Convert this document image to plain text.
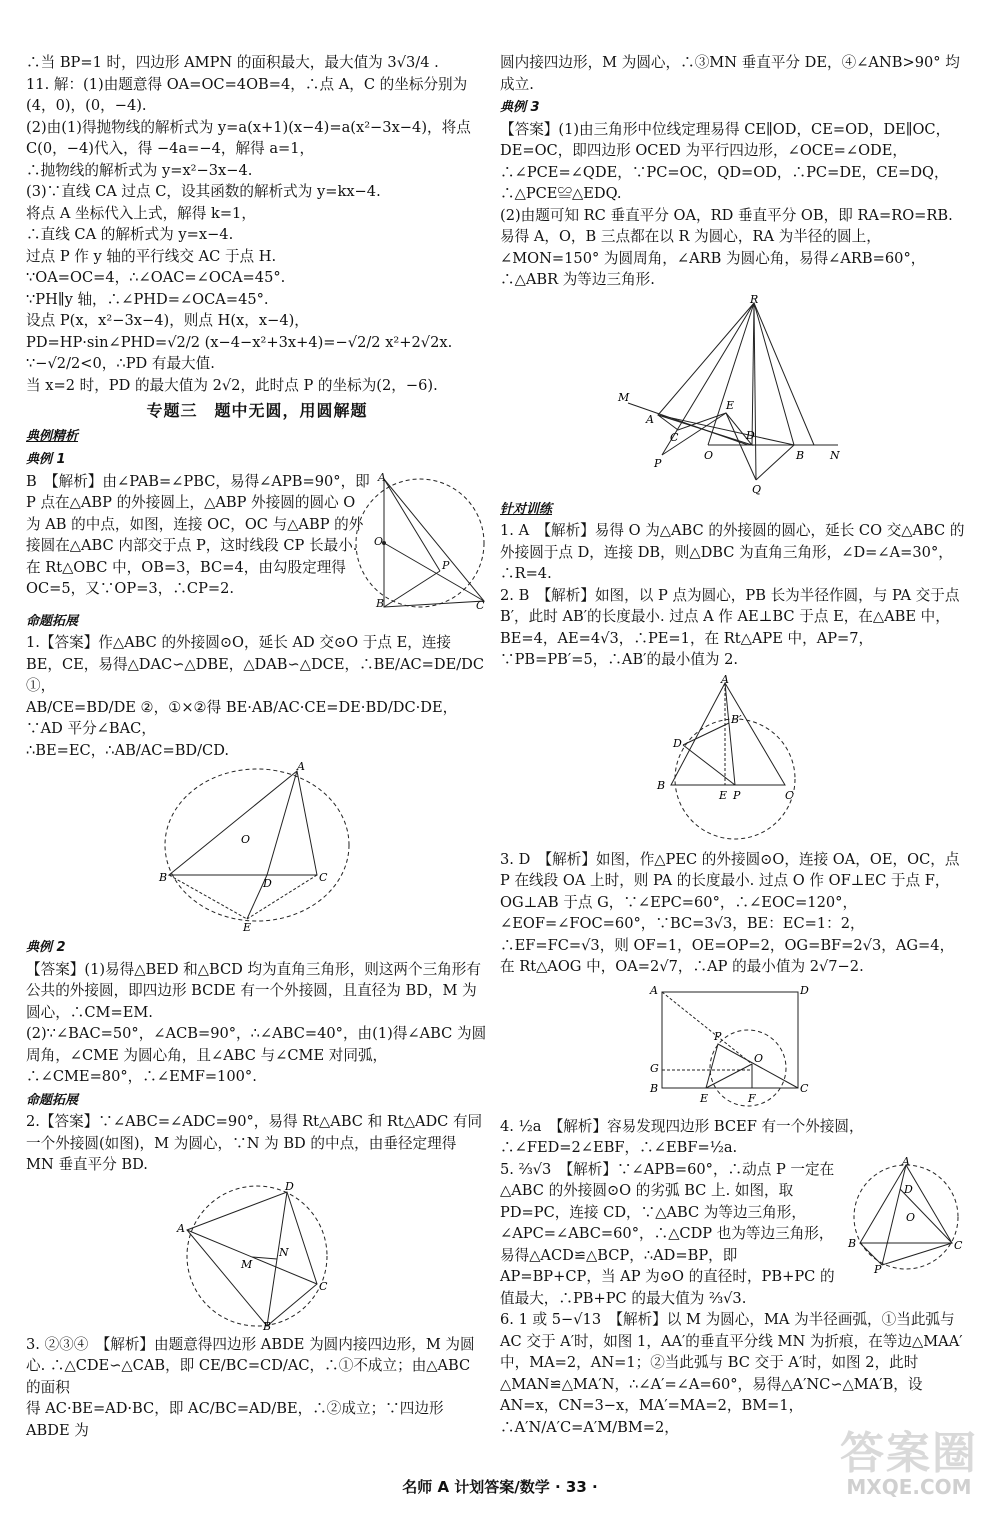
∴当 BP=1 时，四边形 AMPN 的面积最大，最大值为 3√3/4 .

11. 解：(1)由题意得 OA=OC=4OB=4，∴点 A，C 的坐标分别为(4，0)，(0，−4).

(2)由(1)得抛物线的解析式为 y=a(x+1)(x−4)=a(x²−3x−4)，将点 C(0，−4)代入，得 −4a=−4，解得 a=1，

∴抛物线的解析式为 y=x²−3x−4.

(3)∵直线 CA 过点 C，设其函数的解析式为 y=kx−4.

将点 A 坐标代入上式，解得 k=1，

∴直线 CA 的解析式为 y=x−4.

过点 P 作 y 轴的平行线交 AC 于点 H.

∵OA=OC=4，∴∠OAC=∠OCA=45°.

∵PH∥y 轴，∴∠PHD=∠OCA=45°.

设点 P(x，x²−3x−4)，则点 H(x，x−4)，

PD=HP·sin∠PHD=√2/2 (x−4−x²+3x+4)=−√2/2 x²+2√2x.

∵−√2/2<0，∴PD 有最大值.

当 x=2 时，PD 的最大值为 2√2，此时点 P 的坐标为(2，−6).

专题三　题中无圆，用圆解题
典例精析
典例 1
A
O
P
B	C

B　【解析】由∠PAB=∠PBC，易得∠APB=90°，即 P 点在△ABP 的外接圆上，△ABP 外接圆的圆心 O 为 AB 的中点，如图，连接 OC，OC 与△ABP 的外接圆在△ABC 内部交于点 P，这时线段 CP 长最小. 在 Rt△OBC 中，OB=3，BC=4，由勾股定理得 OC=5，又∵OP=3，∴CP=2.

命题拓展

1.【答案】作△ABC 的外接圆⊙O，延长 AD 交⊙O 于点 E，连接 BE，CE，易得△DAC∽△DBE，△DAB∽△DCE，∴BE/AC=DE/DC ①，

AB/CE=BD/DE ②，①×②得 BE·AB/AC·CE=DE·BD/DC·DE，∵AD 平分∠BAC，

∴BE=EC，∴AB/AC=BD/CD.

A
O
B	D	C
E
典例 2

【答案】(1)易得△BED 和△BCD 均为直角三角形，则这两个三角形有公共的外接圆，即四边形 BCDE 有一个外接圆，且直径为 BD，M 为圆心，∴CM=EM.

(2)∵∠BAC=50°，∠ACB=90°，∴∠ABC=40°，由(1)得∠ABC 为圆周角，∠CME 为圆心角，且∠ABC 与∠CME 对同弧，∴∠CME=80°，∴∠EMF=100°.

命题拓展

2.【答案】∵∠ABC=∠ADC=90°，易得 Rt△ABC 和 Rt△ADC 有同一个外接圆(如图)，M 为圆心，∵N 为 BD 的中点，由垂径定理得 MN 垂直平分 BD.

D
A
M
N
C
B

3. ②③④　【解析】由题意得四边形 ABDE 为圆内接四边形，M 为圆心. ∴△CDE∽△CAB，即 CE/BC=CD/AC，∴①不成立；由△ABC 的面积

得 AC·BE=AD·BC，即 AC/BC=AD/BE，∴②成立；∵四边形 ABDE 为

圆内接四边形，M 为圆心，∴③MN 垂直平分 DE，④∠ANB>90° 均成立.

典例 3

【答案】(1)由三角形中位线定理易得 CE∥OD，CE=OD，DE∥OC，DE=OC，即四边形 OCED 为平行四边形，∠OCE=∠ODE，∴∠PCE=∠QDE，∵PC=OC，QD=OD，∴PC=DE，CE=DQ，∴△PCE≌△EDQ.

(2)由题可知 RC 垂直平分 OA，RD 垂直平分 OB，即 RA=RO=RB. 易得 A，O，B 三点都在以 R 为圆心，RA 为半径的圆上，∠MON=150° 为圆周角，∠ARB 为圆心角，易得∠ARB=60°，∴△ABR 为等边三角形.

R
M
A
C
O
E
D
B N
P
Q
针对训练

1. A　【解析】易得 O 为△ABC 的外接圆的圆心，延长 CO 交△ABC 的外接圆于点 D，连接 DB，则△DBC 为直角三角形，∠D=∠A=30°，∴R=4.

2. B　【解析】如图，以 P 点为圆心，PB 长为半径作圆，与 PA 交于点 B′，此时 AB′的长度最小. 过点 A 作 AE⊥BC 于点 E，在△ABE 中，BE=4，AE=4√3，∴PE=1，在 Rt△APE 中，AP=7，∵PB=PB′=5，∴AB′的最小值为 2.

A
B′
D
B
E P	C

3. D　【解析】如图，作△PEC 的外接圆⊙O，连接 OA，OE，OC，点 P 在线段 OA 上时，则 PA 的长度最小. 过点 O 作 OF⊥EC 于点 F，OG⊥AB 于点 G，∵∠EPC=60°，∴∠EOC=120°，∠EOF=∠FOC=60°，∵BC=3√3，BE：EC=1：2，∴EF=FC=√3，则 OF=1，OE=OP=2，OG=BF=2√3，AG=4，在 Rt△AOG 中，OA=2√7，∴AP 的最小值为 2√7−2.

A	D
P
G
O
B
E	F
C

4. ½a　【解析】容易发现四边形 BCEF 有一个外接圆，∴∠FED=2∠EBF，∴∠EBF=½a.

A
D
O
B
P
C

5. ⅔√3　【解析】∵∠APB=60°，∴动点 P 一定在△ABC 的外接圆⊙O 的劣弧 BC 上. 如图，取 PD=PC，连接 CD，∵△ABC 为等边三角形，∠APC=∠ABC=60°，∴△CDP 也为等边三角形，易得△ACD≌△BCP，∴AD=BP，即 AP=BP+CP，当 AP 为⊙O 的直径时，PB+PC 的值最大，∴PB+PC 的最大值为 ⅔√3.

6. 1 或 5−√13　【解析】以 M 为圆心，MA 为半径画弧，①当此弧与 AC 交于 A′时，如图 1，AA′的垂直平分线 MN 为折痕，在等边△MAA′中，MA=2，AN=1；②当此弧与 BC 交于 A′时，如图 2，此时△MAN≌△MA′N，∴∠A′=∠A=60°，易得△A′NC∽△MA′B，设 AN=x，CN=3−x，MA′=MA=2，BM=1，∴A′N/A′C=A′M/BM=2，

名师 A 计划答案/数学 · 33 ·
答案圈
MXQE.COM
